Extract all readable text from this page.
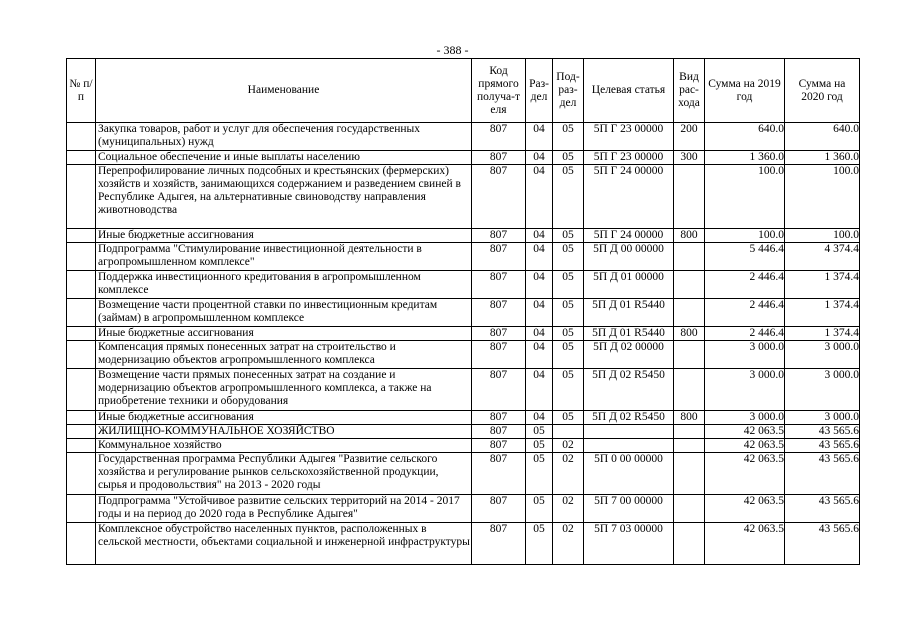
- 388 -
№ п/п	Наименование	Код прямого получа-т еля	Раз- дел	Под- раз- дел	Целевая статья	Вид рас- хода	Сумма на 2019 год	Сумма на 2020 год
	Закупка товаров, работ и услуг для обеспечения государственных (муниципальных) нужд	807	04	05	5П Г 23 00000	200	640.0	640.0
	Социальное обеспечение и иные выплаты населению	807	04	05	5П Г 23 00000	300	1 360.0	1 360.0
	Перепрофилирование личных подсобных и крестьянских (фермерских) хозяйств и хозяйств, занимающихся содержанием и разведением свиней в Республике Адыгея, на альтернативные свиноводству направления животноводства	807	04	05	5П Г 24 00000		100.0	100.0
	Иные бюджетные ассигнования	807	04	05	5П Г 24 00000	800	100.0	100.0
	Подпрограмма "Стимулирование инвестиционной деятельности в агропромышленном комплексе"	807	04	05	5П Д 00 00000		5 446.4	4 374.4
	Поддержка инвестиционного кредитования в агропромышленном комплексе	807	04	05	5П Д 01 00000		2 446.4	1 374.4
	Возмещение части процентной ставки по инвестиционным кредитам (займам) в агропромышленном комплексе	807	04	05	5П Д 01 R5440		2 446.4	1 374.4
	Иные бюджетные ассигнования	807	04	05	5П Д 01 R5440	800	2 446.4	1 374.4
	Компенсация прямых понесенных затрат на строительство и модернизацию объектов агропромышленного комплекса	807	04	05	5П Д 02 00000		3 000.0	3 000.0
	Возмещение части прямых понесенных затрат на создание и модернизацию объектов агропромышленного комплекса, а также на приобретение техники и оборудования	807	04	05	5П Д 02 R5450		3 000.0	3 000.0
	Иные бюджетные ассигнования	807	04	05	5П Д 02 R5450	800	3 000.0	3 000.0
	ЖИЛИЩНО-КОММУНАЛЬНОЕ ХОЗЯЙСТВО	807	05				42 063.5	43 565.6
	Коммунальное хозяйство	807	05	02			42 063.5	43 565.6
	Государственная программа Республики Адыгея "Развитие сельского хозяйства и регулирование рынков сельскохозяйственной продукции, сырья и продовольствия" на 2013 - 2020 годы	807	05	02	5П 0 00 00000		42 063.5	43 565.6
	Подпрограмма "Устойчивое развитие сельских территорий на 2014 - 2017 годы и на период до 2020 года в Республике Адыгея"	807	05	02	5П 7 00 00000		42 063.5	43 565.6
	Комплексное обустройство населенных пунктов, расположенных в сельской местности, объектами социальной и инженерной инфраструктуры	807	05	02	5П 7 03 00000		42 063.5	43 565.6
